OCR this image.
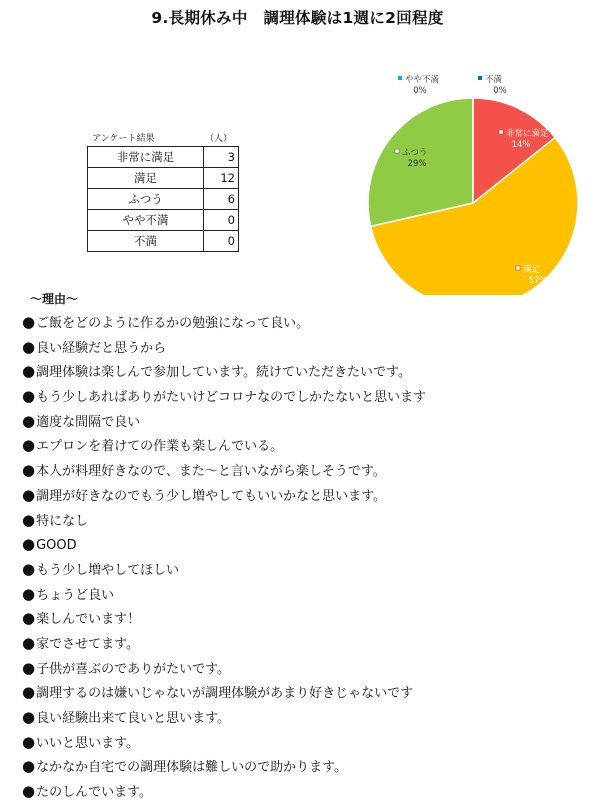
9.長期休み中　調理体験は1週に2回程度
アンケート結果	（人）
非常に満足	3
満足	12
ふつう	6
やや不満	0
不満	0
非常に満足
14%
満足
57%
ふつう
29%
やや不満
0%
不満
0%
～理由～
●ご飯をどのように作るかの勉強になって良い。
●良い経験だと思うから
●調理体験は楽しんで参加しています。続けていただきたいです。
●もう少しあればありがたいけどコロナなのでしかたないと思います
●適度な間隔で良い
●エプロンを着けての作業も楽しんでいる。
●本人が料理好きなので、また～と言いながら楽しそうです。
●調理が好きなのでもう少し増やしてもいいかなと思います。
●特になし
●GOOD
●もう少し増やしてほしい
●ちょうど良い
●楽しんでいます！
●家でさせてます。
●子供が喜ぶのでありがたいです。
●調理するのは嫌いじゃないが調理体験があまり好きじゃないです
●良い経験出来て良いと思います。
●いいと思います。
●なかなか自宅での調理体験は難しいので助かります。
●たのしんでいます。
